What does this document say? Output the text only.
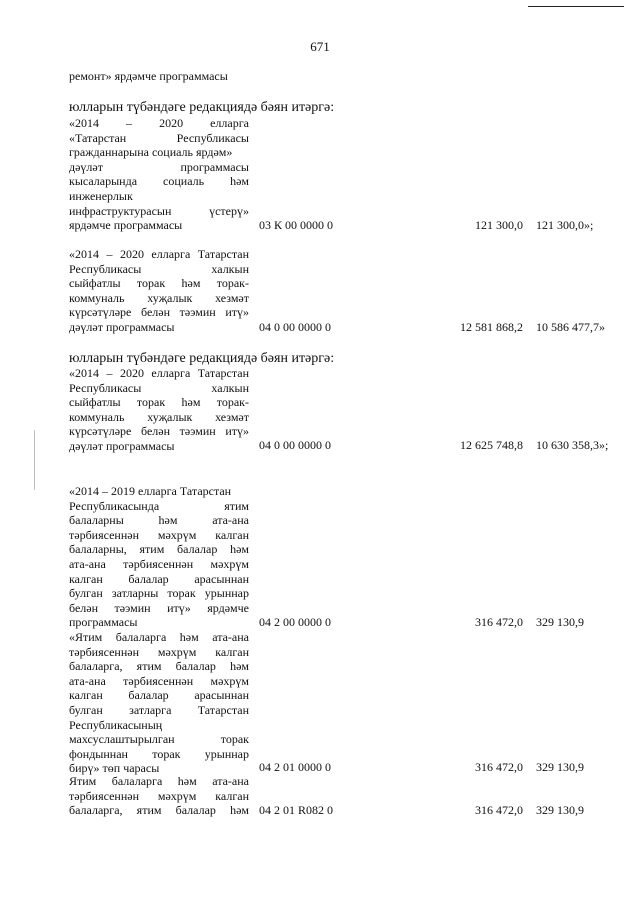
671
ремонт» ярдәмче программасы
юлларын түбәндәге редакциядә бәян итәргә:
«2014 – 2020 елларга
«Татарстан Республикасы
гражданнарына социаль ярдәм»
дәүләт программасы
кысаларында социаль һәм
инженерлык
инфраструктурасын үстерү»
ярдәмче программасы	03 К 00 0000 0	121 300,0 121 300,0»;
«2014 – 2020 елларга Татарстан
Республикасы халкын
сыйфатлы торак һәм торак-
коммуналь хуҗалык хезмәт
күрсәтүләре белән тәэмин итү»
дәүләт программасы	04 0 00 0000 0	12 581 868,2 10 586 477,7»
юлларын түбәндәге редакциядә бәян итәргә:
«2014 – 2020 елларга Татарстан
Республикасы халкын
сыйфатлы торак һәм торак-
коммуналь хуҗалык хезмәт
күрсәтүләре белән тәэмин итү»
дәүләт программасы	04 0 00 0000 0	12 625 748,8 10 630 358,3»;
«2014 – 2019 елларга Татарстан
Республикасында ятим
балаларны һәм ата-ана
тәрбиясеннән мәхрүм калган
балаларны, ятим балалар һәм
ата-ана тәрбиясеннән мәхрүм
калган балалар арасыннан
булган затларны торак урыннар
белән тәэмин итү» ярдәмче
программасы	04 2 00 0000 0	316 472,0 329 130,9
«Ятим балаларга һәм ата-ана
тәрбиясеннән мәхрүм калган
балаларга, ятим балалар һәм
ата-ана тәрбиясеннән мәхрүм
калган балалар арасыннан
булган затларга Татарстан
Республикасының
махсуслаштырылган торак
фондыннан торак урыннар
бирү» төп чарасы	04 2 01 0000 0	316 472,0 329 130,9
Ятим балаларга һәм ата-ана
тәрбиясеннән мәхрүм калган
балаларга, ятим балалар һәм 04 2 01 R082 0	316 472,0 329 130,9
